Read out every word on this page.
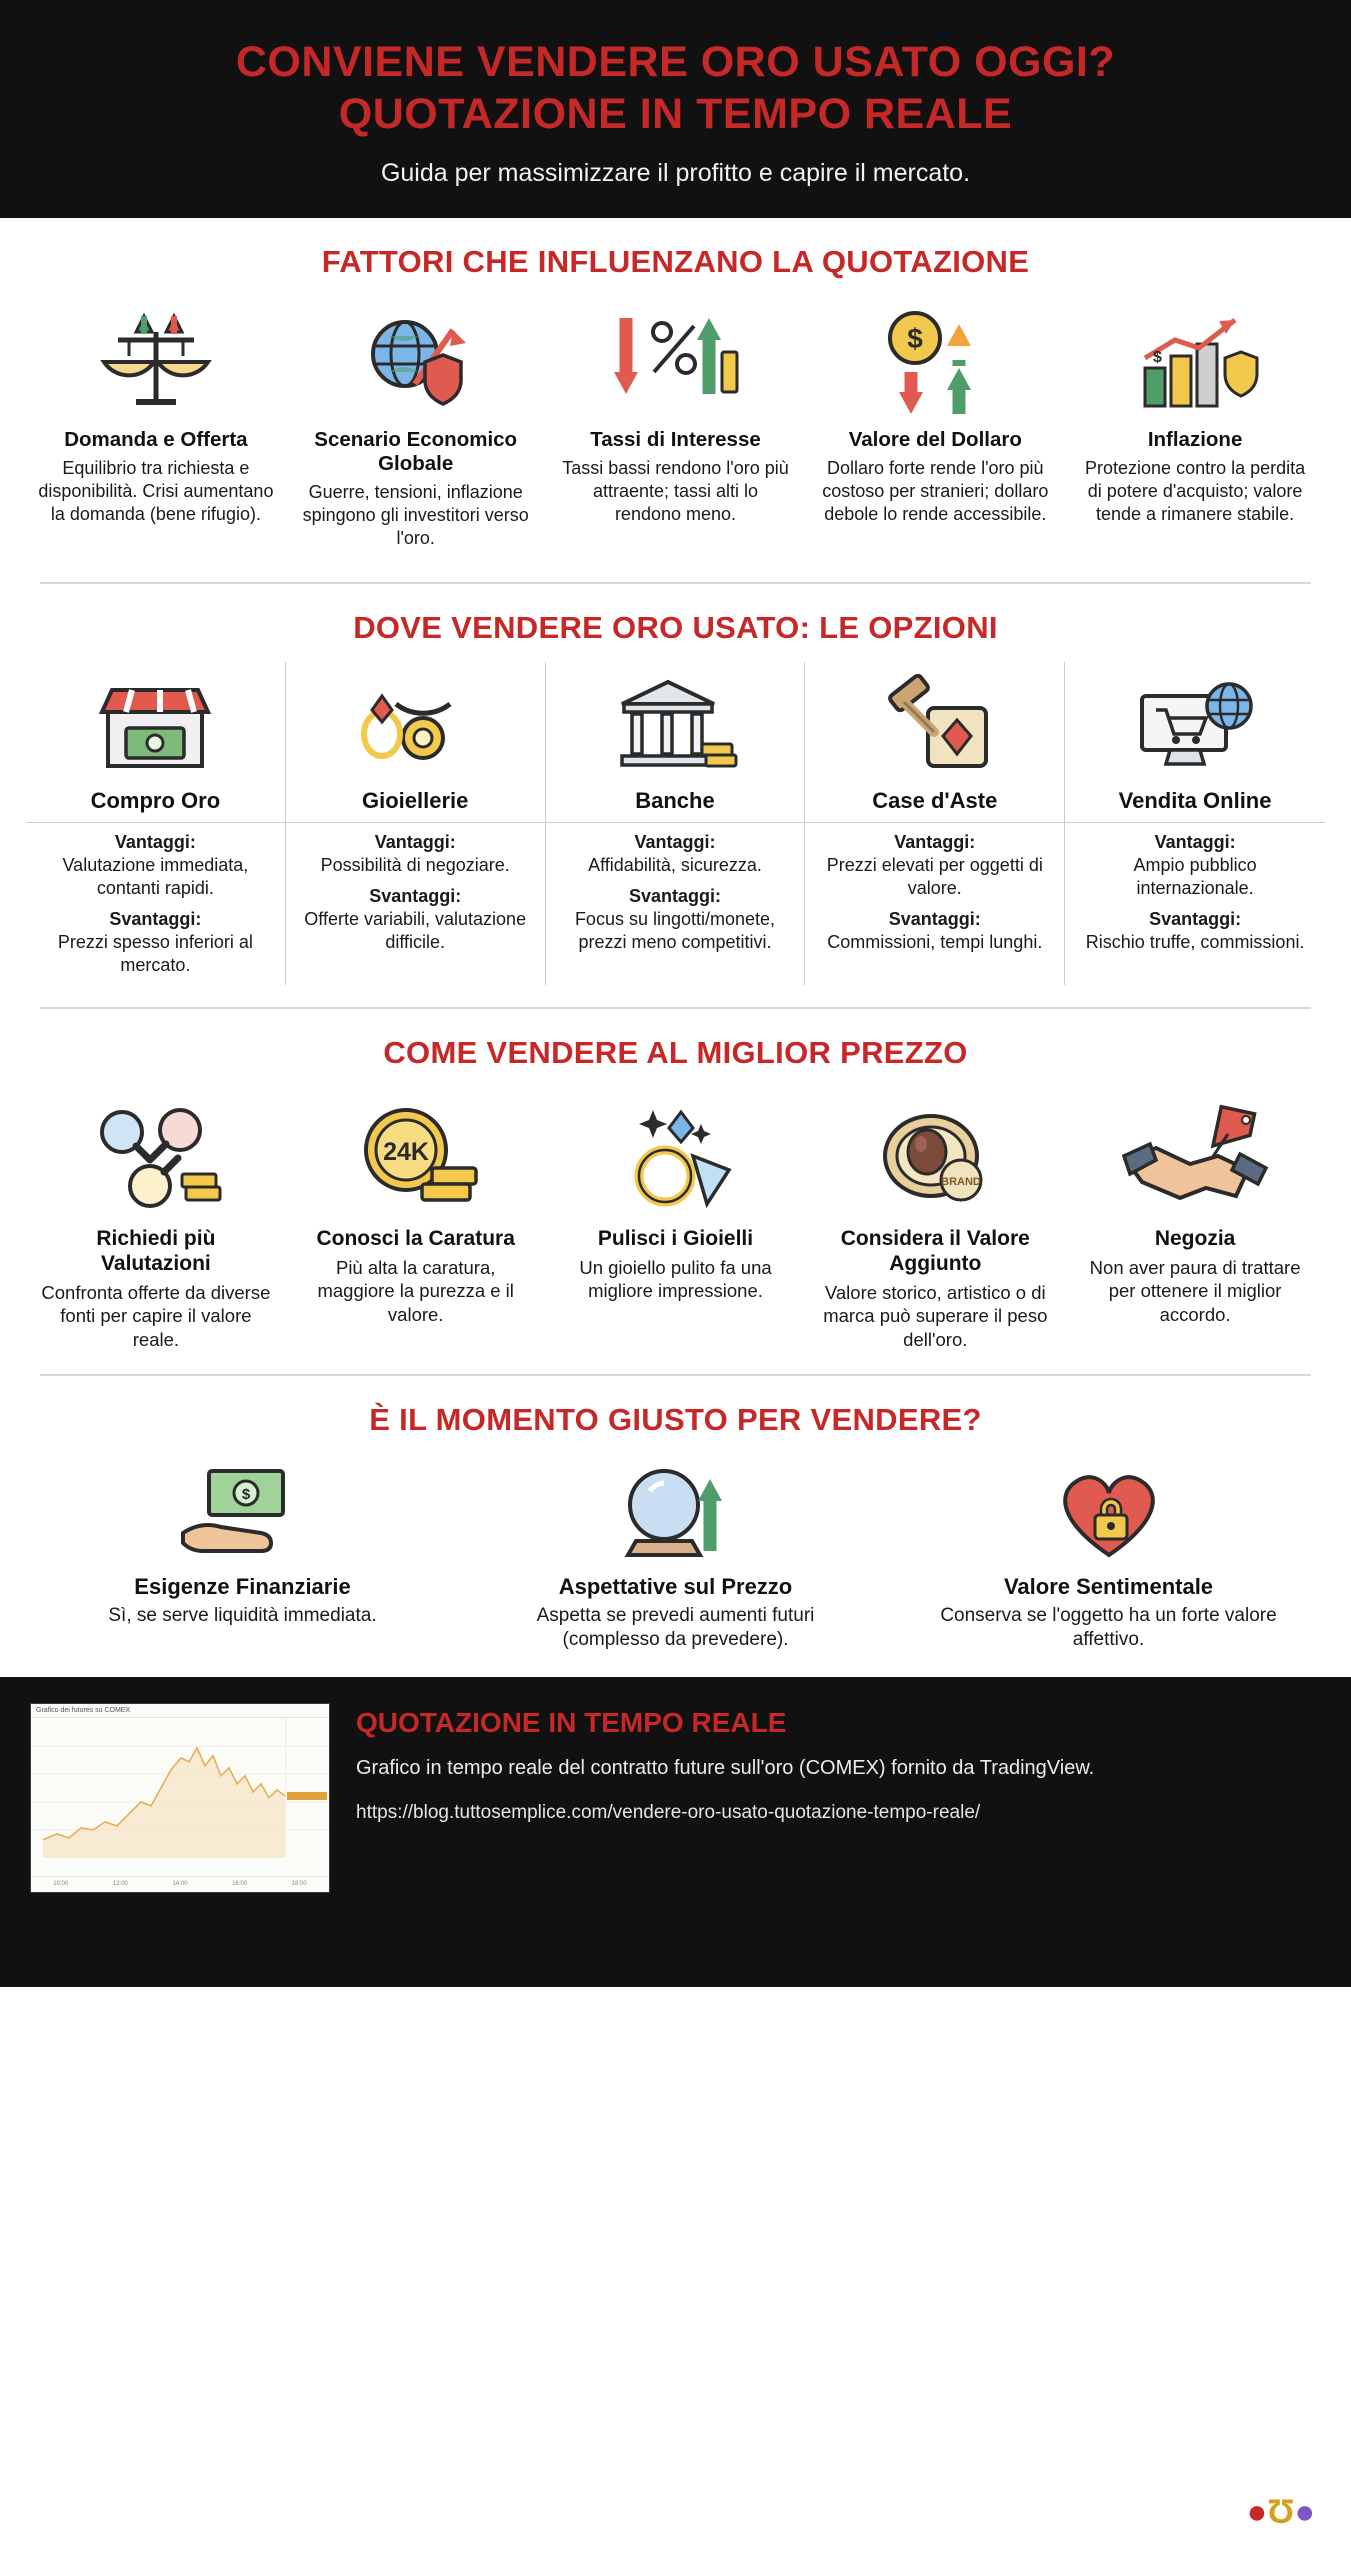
CONVIENE VENDERE ORO USATO OGGI?
QUOTAZIONE IN TEMPO REALE
Guida per massimizzare il profitto e capire il mercato.
FATTORI CHE INFLUENZANO LA QUOTAZIONE
Domanda e Offerta

Equilibrio tra richiesta e disponibilità. Crisi aumentano la domanda (bene rifugio).

Scenario Economico Globale

Guerre, tensioni, inflazione spingono gli investitori verso l'oro.

Tassi di Interesse

Tassi bassi rendono l'oro più attraente; tassi alti lo rendono meno.

$
Valore del Dollaro

Dollaro forte rende l'oro più costoso per stranieri; dollaro debole lo rende accessibile.

$
Inflazione

Protezione contro la perdita di potere d'acquisto; valore tende a rimanere stabile.

DOVE VENDERE ORO USATO: LE OPZIONI
Compro Oro

Vantaggi:
Valutazione immediata, contanti rapidi.

Svantaggi:
Prezzi spesso inferiori al mercato.

Gioiellerie

Vantaggi:
Possibilità di negoziare.

Svantaggi:
Offerte variabili, valutazione difficile.

Banche

Vantaggi:
Affidabilità, sicurezza.

Svantaggi:
Focus su lingotti/monete, prezzi meno competitivi.

Case d'Aste

Vantaggi:
Prezzi elevati per oggetti di valore.

Svantaggi:
Commissioni, tempi lunghi.

Vendita Online

Vantaggi:
Ampio pubblico internazionale.

Svantaggi:
Rischio truffe, commissioni.

COME VENDERE AL MIGLIOR PREZZO
Richiedi più Valutazioni

Confronta offerte da diverse fonti per capire il valore reale.

24K
Conosci la Caratura

Più alta la caratura, maggiore la purezza e il valore.

Pulisci i Gioielli

Un gioiello pulito fa una migliore impressione.

BRAND
Considera il Valore Aggiunto

Valore storico, artistico o di marca può superare il peso dell'oro.

Negozia

Non aver paura di trattare per ottenere il miglior accordo.

È IL MOMENTO GIUSTO PER VENDERE?
$
Esigenze Finanziarie

Sì, se serve liquidità immediata.

Aspettative sul Prezzo

Aspetta se prevedi aumenti futuri (complesso da prevedere).

Valore Sentimentale

Conserva se l'oggetto ha un forte valore affettivo.

Grafico dei futures su COMEX
10:00	12:00	14:00	16:00	18:00
QUOTAZIONE IN TEMPO REALE

Grafico in tempo reale del contratto future sull'oro (COMEX) fornito da TradingView.

https://blog.tuttosemplice.com/vendere-oro-usato-quotazione-tempo-reale/
●Ʊ●
